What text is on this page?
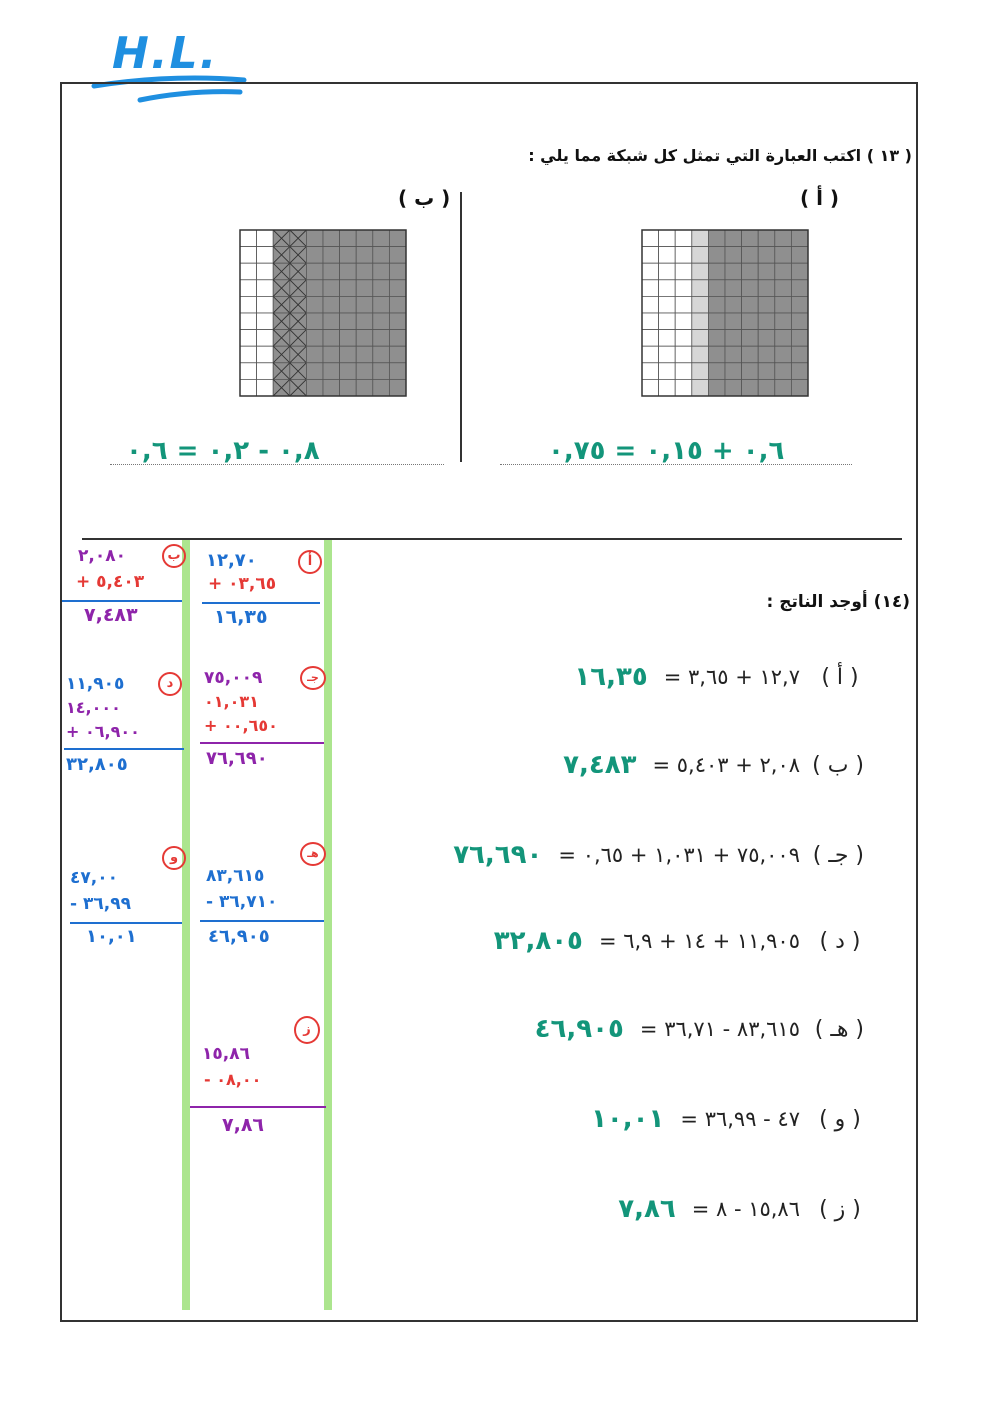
H.L.
( ١٣ ) اكتب العبارة التي تمثل كل شبكة مما يلي :
( أ )
( ب )
٠,٦ + ٠,١٥ = ٠,٧٥
٠,٨ - ٠,٢ = ٠,٦
(١٤) أوجد الناتج :
( أ )
١٢,٧ + ٣,٦٥ =
١٦,٣٥
( ب )
٢,٠٨ + ٥,٤٠٣ =
٧,٤٨٣
( جـ )
٧٥,٠٠٩ + ١,٠٣١ + ٠,٦٥ =
٧٦,٦٩٠
( د )
١١,٩٠٥ + ١٤ + ٦,٩ =
٣٢,٨٠٥
( هـ )
٨٣,٦١٥ - ٣٦,٧١ =
٤٦,٩٠٥
( و )
٤٧ - ٣٦,٩٩ =
١٠,٠١
( ز )
١٥,٨٦ - ٨ =
٧,٨٦
أ
١٢,٧٠
+ ٠٣,٦٥
١٦,٣٥
ب
٢,٠٨٠
+ ٥,٤٠٣
٧,٤٨٣
جـ
٧٥,٠٠٩
٠١,٠٣١
+ ٠٠,٦٥٠
٧٦,٦٩٠
د
١١,٩٠٥
١٤,٠٠٠
+ ٠٦,٩٠٠
٣٢,٨٠٥
هـ
٨٣,٦١٥
- ٣٦,٧١٠
٤٦,٩٠٥
و
٤٧,٠٠
- ٣٦,٩٩
١٠,٠١
ز
١٥,٨٦
- ٠٨,٠٠
٧,٨٦
